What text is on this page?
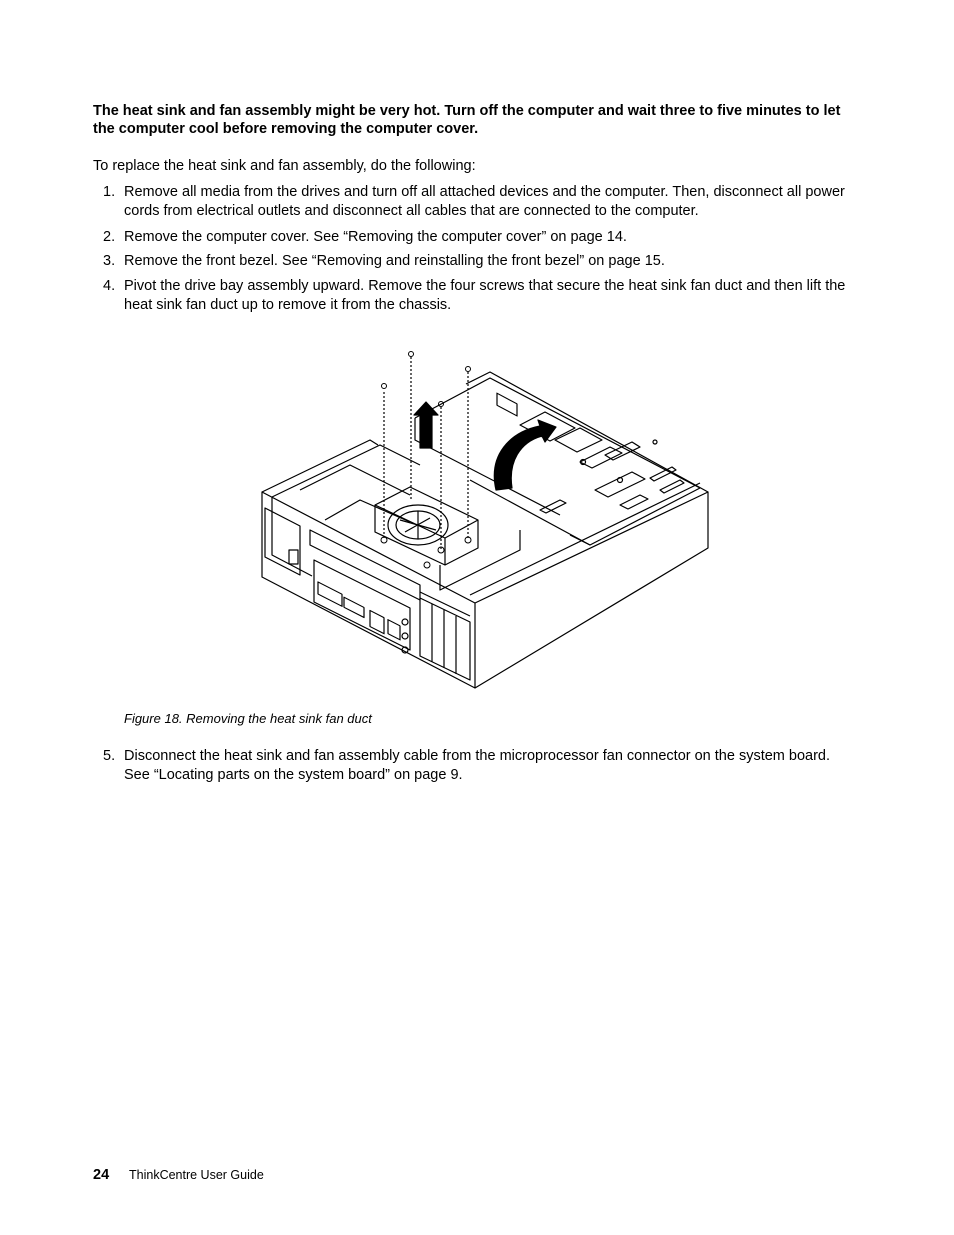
The heat sink and fan assembly might be very hot. Turn off the computer and wait three to five minutes to let the computer cool before removing the computer cover.
To replace the heat sink and fan assembly, do the following:
1. Remove all media from the drives and turn off all attached devices and the computer. Then, disconnect all power cords from electrical outlets and disconnect all cables that are connected to the computer.
2. Remove the computer cover. See “Removing the computer cover” on page 14.
3. Remove the front bezel. See “Removing and reinstalling the front bezel” on page 15.
4. Pivot the drive bay assembly upward. Remove the four screws that secure the heat sink fan duct and then lift the heat sink fan duct up to remove it from the chassis.
Figure 18. Removing the heat sink fan duct
5. Disconnect the heat sink and fan assembly cable from the microprocessor fan connector on the system board. See “Locating parts on the system board” on page 9.
24 ThinkCentre User Guide
